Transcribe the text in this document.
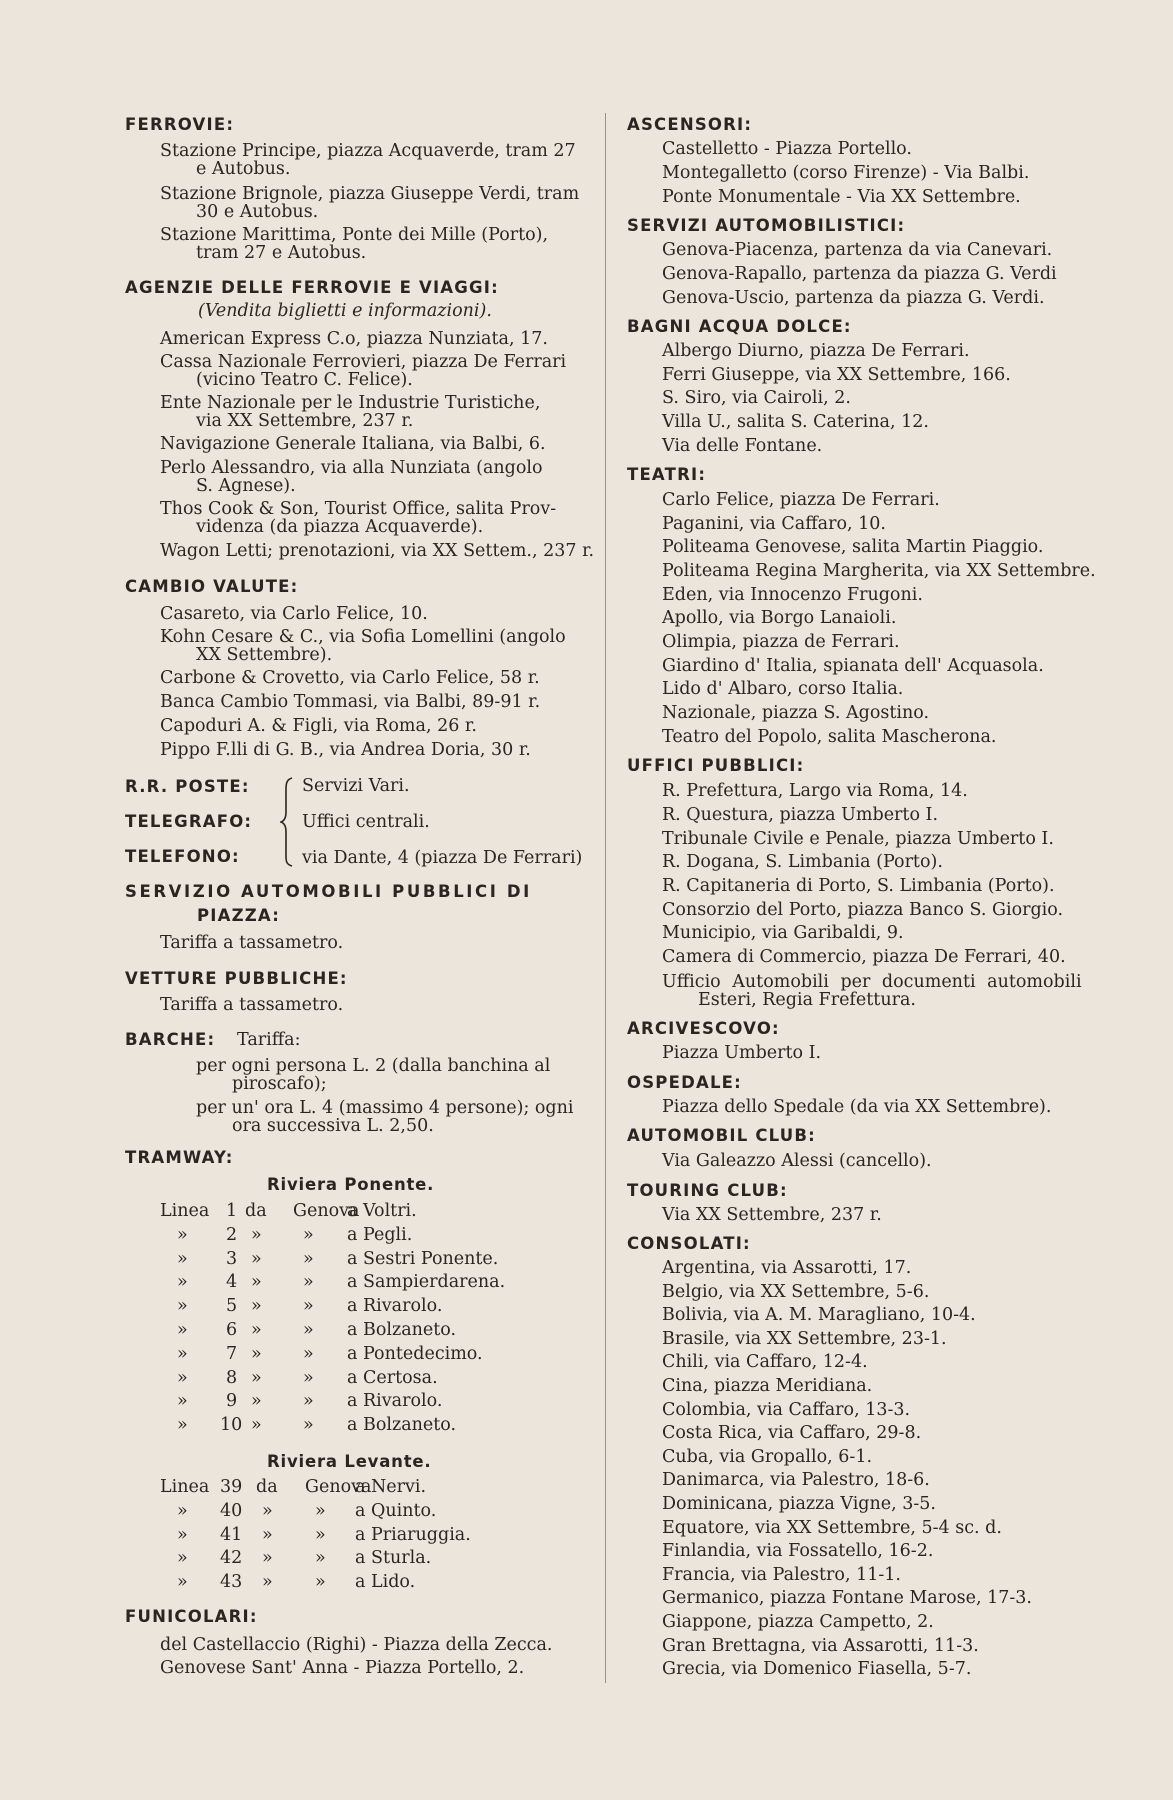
FERROVIE:
Stazione Principe, piazza Acquaverde, tram 27
e Autobus.
Stazione Brignole, piazza Giuseppe Verdi, tram
30 e Autobus.
Stazione Marittima, Ponte dei Mille (Porto),
tram 27 e Autobus.
AGENZIE DELLE FERROVIE E VIAGGI:
(Vendita biglietti e informazioni).
American Express C.o, piazza Nunziata, 17.
Cassa Nazionale Ferrovieri, piazza De Ferrari
(vicino Teatro C. Felice).
Ente Nazionale per le Industrie Turistiche,
via XX Settembre, 237 r.
Navigazione Generale Italiana, via Balbi, 6.
Perlo Alessandro, via alla Nunziata (angolo
S. Agnese).
Thos Cook & Son, Tourist Office, salita Prov-
videnza (da piazza Acquaverde).
Wagon Letti; prenotazioni, via XX Settem., 237 r.
CAMBIO VALUTE:
Casareto, via Carlo Felice, 10.
Kohn Cesare & C., via Sofia Lomellini (angolo
XX Settembre).
Carbone & Crovetto, via Carlo Felice, 58 r.
Banca Cambio Tommasi, via Balbi, 89-91 r.
Capoduri A. & Figli, via Roma, 26 r.
Pippo F.lli di G. B., via Andrea Doria, 30 r.
R.R. POSTE:
TELEGRAFO:
TELEFONO:
Servizi Vari.
Uffici centrali.
via Dante, 4 (piazza De Ferrari)
SERVIZIO AUTOMOBILI PUBBLICI DI
PIAZZA:
Tariffa a tassametro.
VETTURE PUBBLICHE:
Tariffa a tassametro.
BARCHE: Tariffa:
per ogni persona L. 2 (dalla banchina al
piroscafo);
per un' ora L. 4 (massimo 4 persone); ogni
ora successiva L. 2,50.
TRAMWAY:
Riviera Ponente.
Linea 1 da Genova
a Voltri.
» 2 » » a Pegli.
» 3 » » a Sestri Ponente.
» 4 » » a Sampierdarena.
» 5 » » a Rivarolo.
» 6 » » a Bolzaneto.
» 7 » » a Pontedecimo.
» 8 » » a Certosa.
» 9 » » a Rivarolo.
» 10 » » a Bolzaneto.
Riviera Levante.
Linea 39 da Genova
a Nervi.
» 40 » » a Quinto.
» 41 » » a Priaruggia.
» 42 » » a Sturla.
» 43 » » a Lido.
FUNICOLARI:
del Castellaccio (Righi) - Piazza della Zecca.
Genovese Sant' Anna - Piazza Portello, 2.
ASCENSORI:
Castelletto - Piazza Portello.
Montegalletto (corso Firenze) - Via Balbi.
Ponte Monumentale - Via XX Settembre.
SERVIZI AUTOMOBILISTICI:
Genova-Piacenza, partenza da via Canevari.
Genova-Rapallo, partenza da piazza G. Verdi
Genova-Uscio, partenza da piazza G. Verdi.
BAGNI ACQUA DOLCE:
Albergo Diurno, piazza De Ferrari.
Ferri Giuseppe, via XX Settembre, 166.
S. Siro, via Cairoli, 2.
Villa U., salita S. Caterina, 12.
Via delle Fontane.
TEATRI:
Carlo Felice, piazza De Ferrari.
Paganini, via Caffaro, 10.
Politeama Genovese, salita Martin Piaggio.
Politeama Regina Margherita, via XX Settembre.
Eden, via Innocenzo Frugoni.
Apollo, via Borgo Lanaioli.
Olimpia, piazza de Ferrari.
Giardino d' Italia, spianata dell' Acquasola.
Lido d' Albaro, corso Italia.
Nazionale, piazza S. Agostino.
Teatro del Popolo, salita Mascherona.
UFFICI PUBBLICI:
R. Prefettura, Largo via Roma, 14.
R. Questura, piazza Umberto I.
Tribunale Civile e Penale, piazza Umberto I.
R. Dogana, S. Limbania (Porto).
R. Capitaneria di Porto, S. Limbania (Porto).
Consorzio del Porto, piazza Banco S. Giorgio.
Municipio, via Garibaldi, 9.
Camera di Commercio, piazza De Ferrari, 40.
Ufficio Automobili per documenti automobili
Esteri, Regia Frefettura.
ARCIVESCOVO:
Piazza Umberto I.
OSPEDALE:
Piazza dello Spedale (da via XX Settembre).
AUTOMOBIL CLUB:
Via Galeazzo Alessi (cancello).
TOURING CLUB:
Via XX Settembre, 237 r.
CONSOLATI:
Argentina, via Assarotti, 17.
Belgio, via XX Settembre, 5-6.
Bolivia, via A. M. Maragliano, 10-4.
Brasile, via XX Settembre, 23-1.
Chili, via Caffaro, 12-4.
Cina, piazza Meridiana.
Colombia, via Caffaro, 13-3.
Costa Rica, via Caffaro, 29-8.
Cuba, via Gropallo, 6-1.
Danimarca, via Palestro, 18-6.
Dominicana, piazza Vigne, 3-5.
Equatore, via XX Settembre, 5-4 sc. d.
Finlandia, via Fossatello, 16-2.
Francia, via Palestro, 11-1.
Germanico, piazza Fontane Marose, 17-3.
Giappone, piazza Campetto, 2.
Gran Brettagna, via Assarotti, 11-3.
Grecia, via Domenico Fiasella, 5-7.
